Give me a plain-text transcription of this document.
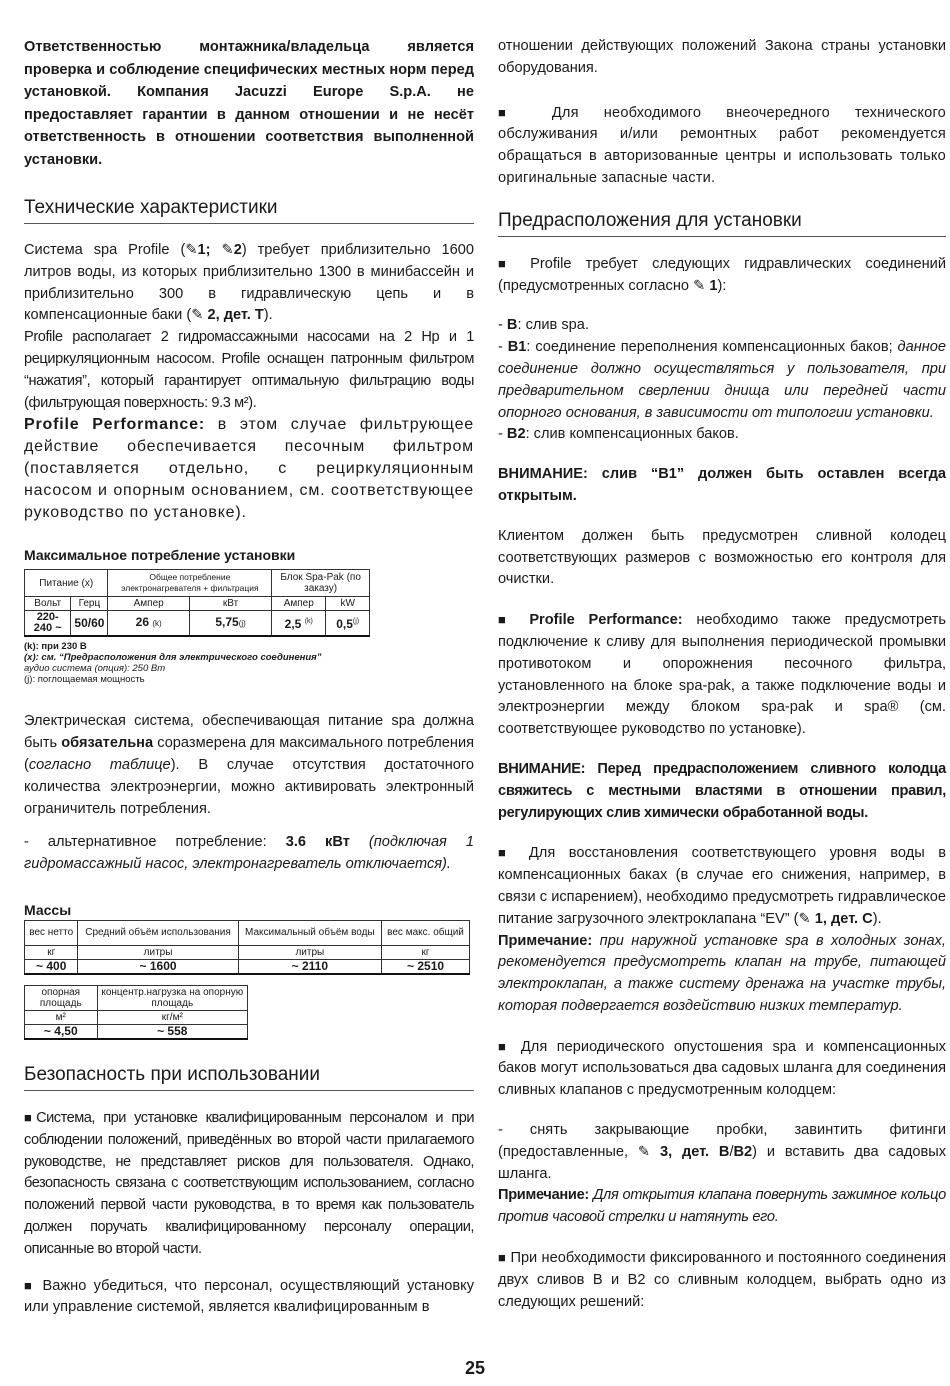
Ответственностью монтажника/владельца является проверка и соблюдение специфических местных норм перед установкой. Компания Jacuzzi Europe S.p.A. не предоставляет гарантии в данном отношении и не несёт ответственность в отношении соответствия выполненной установки.

Технические характеристики

Система spa Profile (✎1; ✎2) требует приблизительно 1600 литров воды, из которых приблизительно 1300 в минибассейн и приблизительно 300 в гидравлическую цепь и в компенсационные баки (✎ 2, дет. T).

Profile располагает 2 гидромассажными насосами на 2 Hp и 1 рециркуляционным насосом. Profile оснащен патронным фильтром “нажатия”, который гарантирует оптимальную фильтрацию воды (фильтрующая поверхность: 9.3 м²).

Profile Performance: в этом случае фильтрующее действие обеспечивается песочным фильтром (поставляется отдельно, с рециркуляционным насосом и опорным основанием, см. соответствующее руководство по установке).

Максимальное потребление установки
Питание (x)		Общее потребление электронагревателя + фильтрация		Блок Spa-Pak (по заказу)	
Вольт	Герц	Ампер	кВт	Ампер	kW
220-240 ~	50/60	26 (k)	5,75(j)	2,5 $^{(k)}$	0,5$^{(j)}$
(k): при 230 В
(x): см. “Предрасположения для электрического соединения”
аудио система (опция): 250 Вт
(j): поглощаемая мощность

Электрическая система, обеспечивающая питание spa должна быть обязательна соразмерена для максимального потребления (согласно таблице). В случае отсутствия достаточного количества электроэнергии, можно активировать электронный ограничитель потребления.

- альтернативное потребление: 3.6 кВт (подключая 1 гидромассажный насос, электронагреватель отключается).

Массы
вес нетто	Средний объём использования	Максимальный объём воды	вес макс. общий
кг	литры	литры	кг
~ 400	~ 1600	~ 2110	~ 2510
опорная площадь	концентр.нагрузка на опорную площадь
м²	кг/м²
~ 4,50	~ 558
Безопасность при использовании

■Система, при установке квалифицированным персоналом и при соблюдении положений, приведённых во второй части прилагаемого руководстве, не представляет рисков для пользователя. Однако, безопасность связана с соответствующим использованием, согласно положений первой части руководства, в то время как пользователь должен поручать квалифицированному персоналу операции, описанные во второй части.

■ Важно убедиться, что персонал, осуществляющий установку или управление системой, является квалифицированным в

отношении действующих положений Закона страны установки оборудования.

■ Для необходимого внеочередного технического обслуживания и/или ремонтных работ рекомендуется обращаться в авторизованные центры и использовать только оригинальные запасные части.

Предрасположения для установки

■ Profile требует следующих гидравлических соединений (предусмотренных согласно ✎ 1):

- B: слив spa.

- B1: соединение переполнения компенсационных баков; данное соединение должно осуществляться у пользователя, при предварительном сверлении днища или передней части опорного основания, в зависимости от типологии установки.

- B2: слив компенсационных баков.

ВНИМАНИЕ: слив “B1” должен быть оставлен всегда открытым.

Клиентом должен быть предусмотрен сливной колодец соответствующих размеров с возможностью его контроля для очистки.

■ Profile Performance: необходимо также предусмотреть подключение к сливу для выполнения периодической промывки противотоком и опорожнения песочного фильтра, установленного на блоке spa-pak, а также подключение воды и электроэнергии между блоком spa-pak и spa® (см. соответствующее руководство по установке).

ВНИМАНИЕ: Перед предрасположением сливного колодца свяжитесь с местными властями в отношении правил, регулирующих слив химически обработанной воды.

■ Для восстановления соответствующего уровня воды в компенсационных баках (в случае его снижения, например, в связи с испарением), необходимо предусмотреть гидравлическое питание загрузочного электроклапана “EV” (✎ 1, дет. C).

Примечание: при наружной установке spa в холодных зонах, рекомендуется предусмотреть клапан на трубе, питающей электроклапан, а также систему дренажа на участке трубы, которая подвергается воздействию низких температур.

■ Для периодического опустошения spa и компенсационных баков могут использоваться два садовых шланга для соединения сливных клапанов с предусмотренным колодцем:

- снять закрывающие пробки, завинтить фитинги (предоставленные, ✎ 3, дет. B/B2) и вставить два садовых шланга.

Примечание: Для открытия клапана повернуть зажимное кольцо против часовой стрелки и натянуть его.

■ При необходимости фиксированного и постоянного соединения двух сливов B и B2 со сливным колодцем, выбрать одно из следующих решений:

25
